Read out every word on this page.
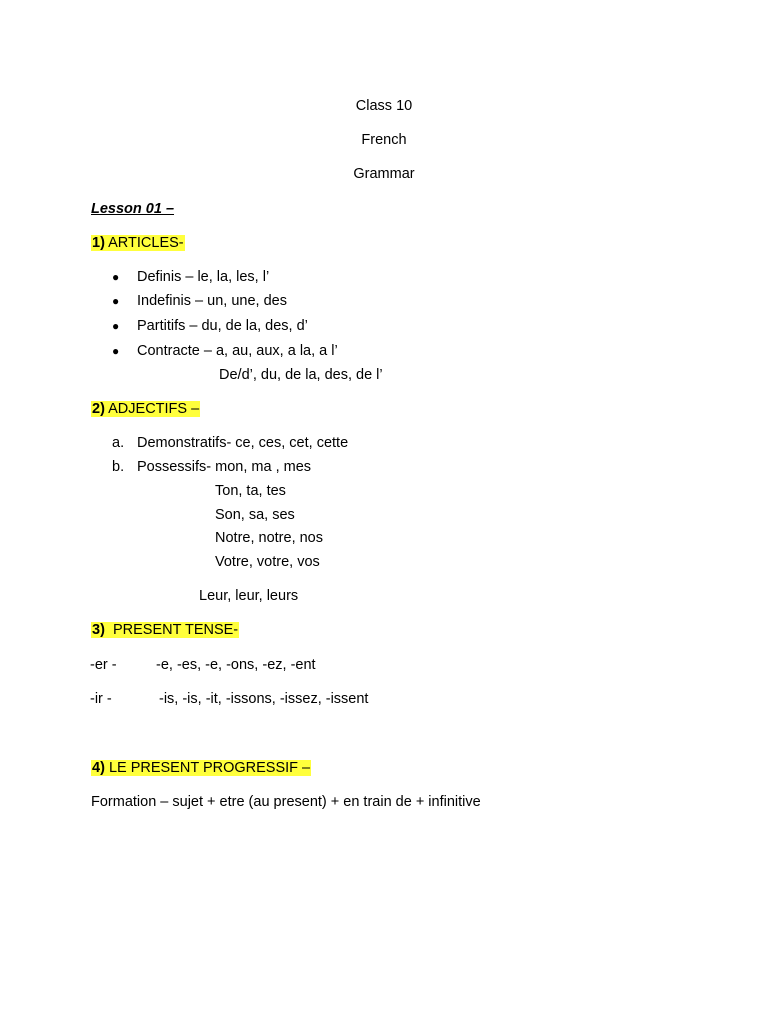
Class 10
French
Grammar
Lesson 01 –
1) ARTICLES-
● Definis – le, la, les, l’
● Indefinis – un, une, des
● Partitifs – du, de la, des, d’
● Contracte – a, au, aux, a la, a l’
De/d’, du, de la, des, de l’
2) ADJECTIFS –
a. Demonstratifs- ce, ces, cet, cette
b. Possessifs- mon, ma , mes
Ton, ta, tes
Son, sa, ses
Notre, notre, nos
Votre, votre, vos
Leur, leur, leurs
3) PRESENT TENSE-
-er -	-e, -es, -e, -ons, -ez, -ent
-ir -	-is, -is, -it, -issons, -issez, -issent
4) LE PRESENT PROGRESSIF –
Formation – sujet + etre (au present) + en train de + infinitive
